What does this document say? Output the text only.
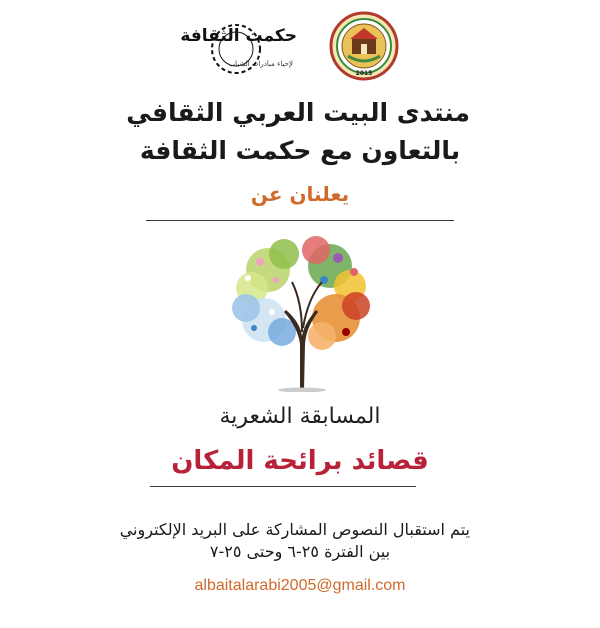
حكمت الثقافة
لإحياء مبادرات الشباب
2015
منتدى البيت العربي الثقافي
بالتعاون مع حكمت الثقافة
يعلنان عن
المسابقة الشعرية
قصائد برائحة المكان
يتم استقبال النصوص المشاركة على البريد الإلكتروني
بين الفترة ٢٥-٦ وحتى ٢٥-٧
albaitalarabi2005@gmail.com
